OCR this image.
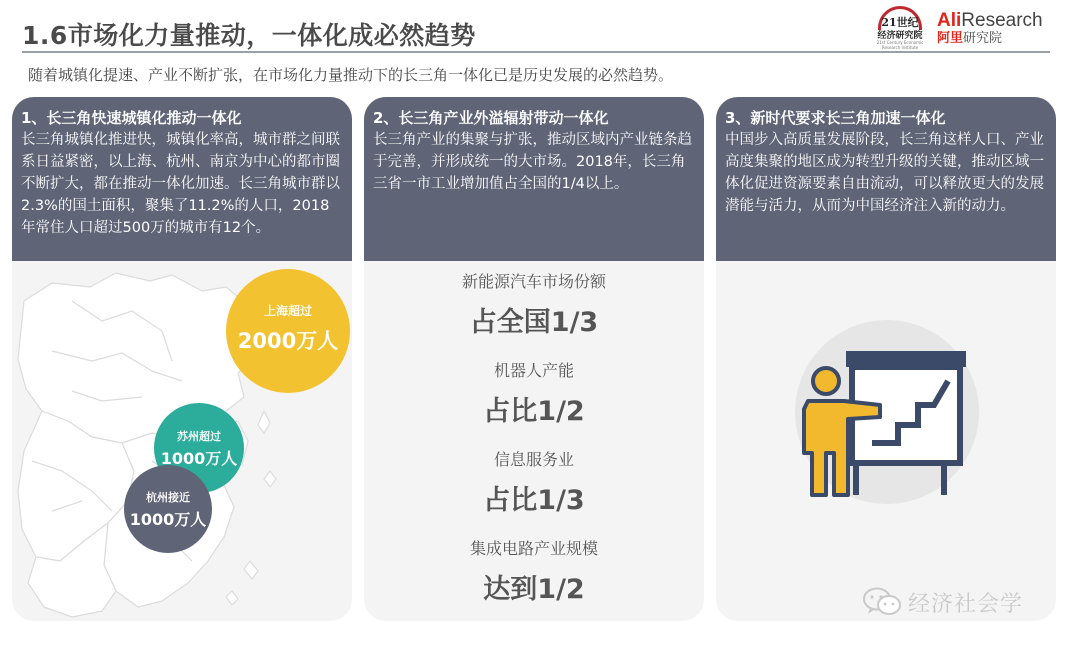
1.6市场化力量推动，一体化成必然趋势	21世纪
经济研究院
21st Century Economic Research Institute
AliResearch
阿里研究院
随着城镇化提速、产业不断扩张，在市场化力量推动下的长三角一体化已是历史发展的必然趋势。
1、长三角快速城镇化推动一体化

长三角城镇化推进快，城镇化率高，城市群之间联系日益紧密，以上海、杭州、南京为中心的都市圈不断扩大，都在推动一体化加速。长三角城市群以2.3%的国土面积，聚集了11.2%的人口，2018年常住人口超过500万的城市有12个。

上海超过
2000万人
苏州超过
1000万人
杭州接近
1000万人
2、长三角产业外溢辐射带动一体化

长三角产业的集聚与扩张，推动区域内产业链条趋于完善，并形成统一的大市场。2018年，长三角三省一市工业增加值占全国的1/4以上。

新能源汽车市场份额
占全国1/3
机器人产能
占比1/2
信息服务业
占比1/3
集成电路产业规模
达到1/2
3、新时代要求长三角加速一体化

中国步入高质量发展阶段，长三角这样人口、产业高度集聚的地区成为转型升级的关键，推动区域一体化促进资源要素自由流动，可以释放更大的发展潜能与活力，从而为中国经济注入新的动力。

经济社会学
